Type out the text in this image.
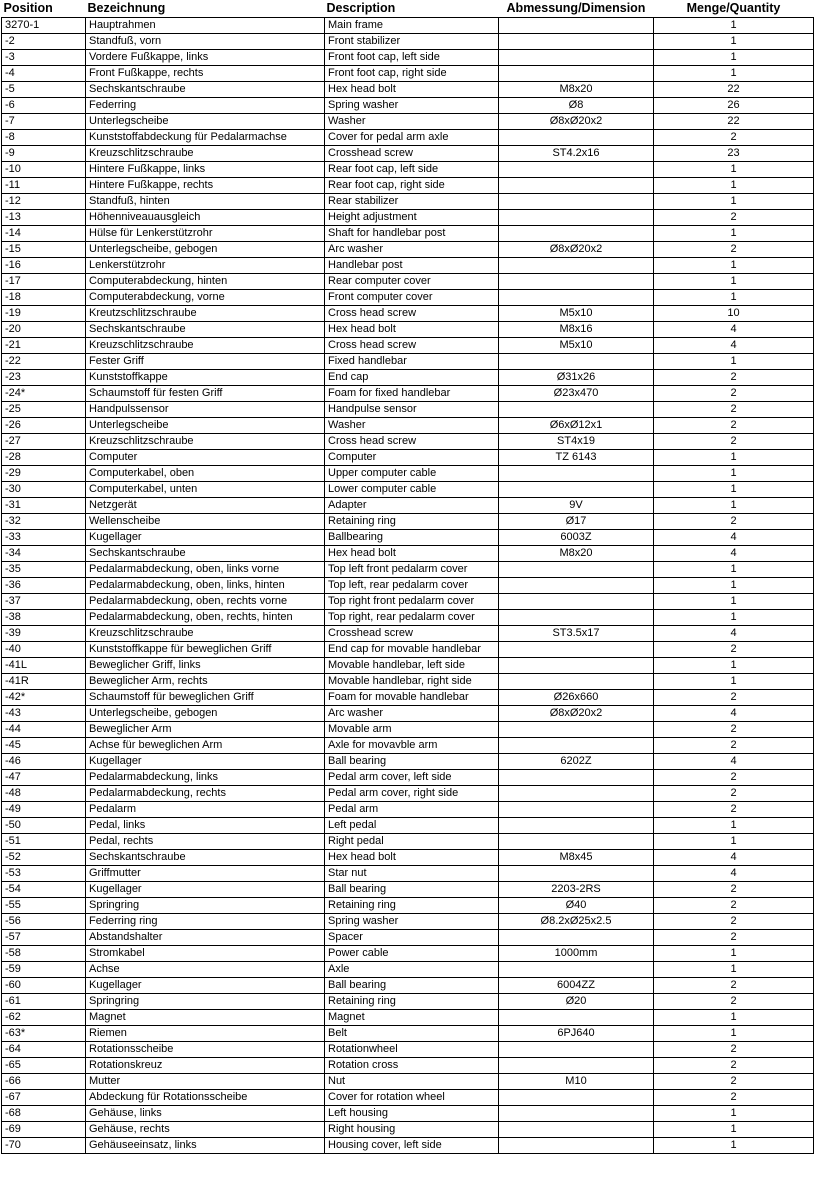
Position	Bezeichnung	Description	Abmessung/Dimension	Menge/Quantity
3270-1	Hauptrahmen	Main frame		1
-2	Standfuß, vorn	Front stabilizer		1
-3	Vordere Fußkappe, links	Front foot cap, left side		1
-4	Front Fußkappe, rechts	Front foot cap, right side		1
-5	Sechskantschraube	Hex head bolt	M8x20	22
-6	Federring	Spring washer	Ø8	26
-7	Unterlegscheibe	Washer	Ø8xØ20x2	22
-8	Kunststoffabdeckung für Pedalarmachse	Cover for pedal arm axle		2
-9	Kreuzschlitzschraube	Crosshead screw	ST4.2x16	23
-10	Hintere Fußkappe, links	Rear foot cap, left side		1
-11	Hintere Fußkappe, rechts	Rear foot cap, right side		1
-12	Standfuß, hinten	Rear stabilizer		1
-13	Höhenniveauausgleich	Height adjustment		2
-14	Hülse für Lenkerstützrohr	Shaft for handlebar post		1
-15	Unterlegscheibe, gebogen	Arc washer	Ø8xØ20x2	2
-16	Lenkerstützrohr	Handlebar post		1
-17	Computerabdeckung, hinten	Rear computer cover		1
-18	Computerabdeckung, vorne	Front computer cover		1
-19	Kreutzschlitzschraube	Cross head screw	M5x10	10
-20	Sechskantschraube	Hex head bolt	M8x16	4
-21	Kreuzschlitzschraube	Cross head screw	M5x10	4
-22	Fester Griff	Fixed handlebar		1
-23	Kunststoffkappe	End cap	Ø31x26	2
-24*	Schaumstoff für festen Griff	Foam for fixed handlebar	Ø23x470	2
-25	Handpulssensor	Handpulse sensor		2
-26	Unterlegscheibe	Washer	Ø6xØ12x1	2
-27	Kreuzschlitzschraube	Cross head screw	ST4x19	2
-28	Computer	Computer	TZ 6143	1
-29	Computerkabel, oben	Upper computer cable		1
-30	Computerkabel, unten	Lower computer cable		1
-31	Netzgerät	Adapter	9V	1
-32	Wellenscheibe	Retaining ring	Ø17	2
-33	Kugellager	Ballbearing	6003Z	4
-34	Sechskantschraube	Hex head bolt	M8x20	4
-35	Pedalarmabdeckung, oben, links vorne	Top left front pedalarm cover		1
-36	Pedalarmabdeckung, oben, links, hinten	Top left, rear pedalarm cover		1
-37	Pedalarmabdeckung, oben, rechts vorne	Top right front pedalarm cover		1
-38	Pedalarmabdeckung, oben, rechts, hinten	Top right, rear pedalarm cover		1
-39	Kreuzschlitzschraube	Crosshead screw	ST3.5x17	4
-40	Kunststoffkappe für beweglichen Griff	End cap for movable handlebar		2
-41L	Beweglicher Griff, links	Movable handlebar, left side		1
-41R	Beweglicher Arm, rechts	Movable handlebar, right side		1
-42*	Schaumstoff für beweglichen Griff	Foam for movable handlebar	Ø26x660	2
-43	Unterlegscheibe, gebogen	Arc washer	Ø8xØ20x2	4
-44	Beweglicher Arm	Movable arm		2
-45	Achse für beweglichen Arm	Axle for movavble arm		2
-46	Kugellager	Ball bearing	6202Z	4
-47	Pedalarmabdeckung, links	Pedal arm cover, left side		2
-48	Pedalarmabdeckung, rechts	Pedal arm cover, right side		2
-49	Pedalarm	Pedal arm		2
-50	Pedal, links	Left pedal		1
-51	Pedal, rechts	Right pedal		1
-52	Sechskantschraube	Hex head bolt	M8x45	4
-53	Griffmutter	Star nut		4
-54	Kugellager	Ball bearing	2203-2RS	2
-55	Springring	Retaining ring	Ø40	2
-56	Federring ring	Spring washer	Ø8.2xØ25x2.5	2
-57	Abstandshalter	Spacer		2
-58	Stromkabel	Power cable	1000mm	1
-59	Achse	Axle		1
-60	Kugellager	Ball bearing	6004ZZ	2
-61	Springring	Retaining ring	Ø20	2
-62	Magnet	Magnet		1
-63*	Riemen	Belt	6PJ640	1
-64	Rotationsscheibe	Rotationwheel		2
-65	Rotationskreuz	Rotation cross		2
-66	Mutter	Nut	M10	2
-67	Abdeckung für Rotationsscheibe	Cover for rotation wheel		2
-68	Gehäuse, links	Left housing		1
-69	Gehäuse, rechts	Right housing		1
-70	Gehäuseeinsatz, links	Housing cover, left side		1
